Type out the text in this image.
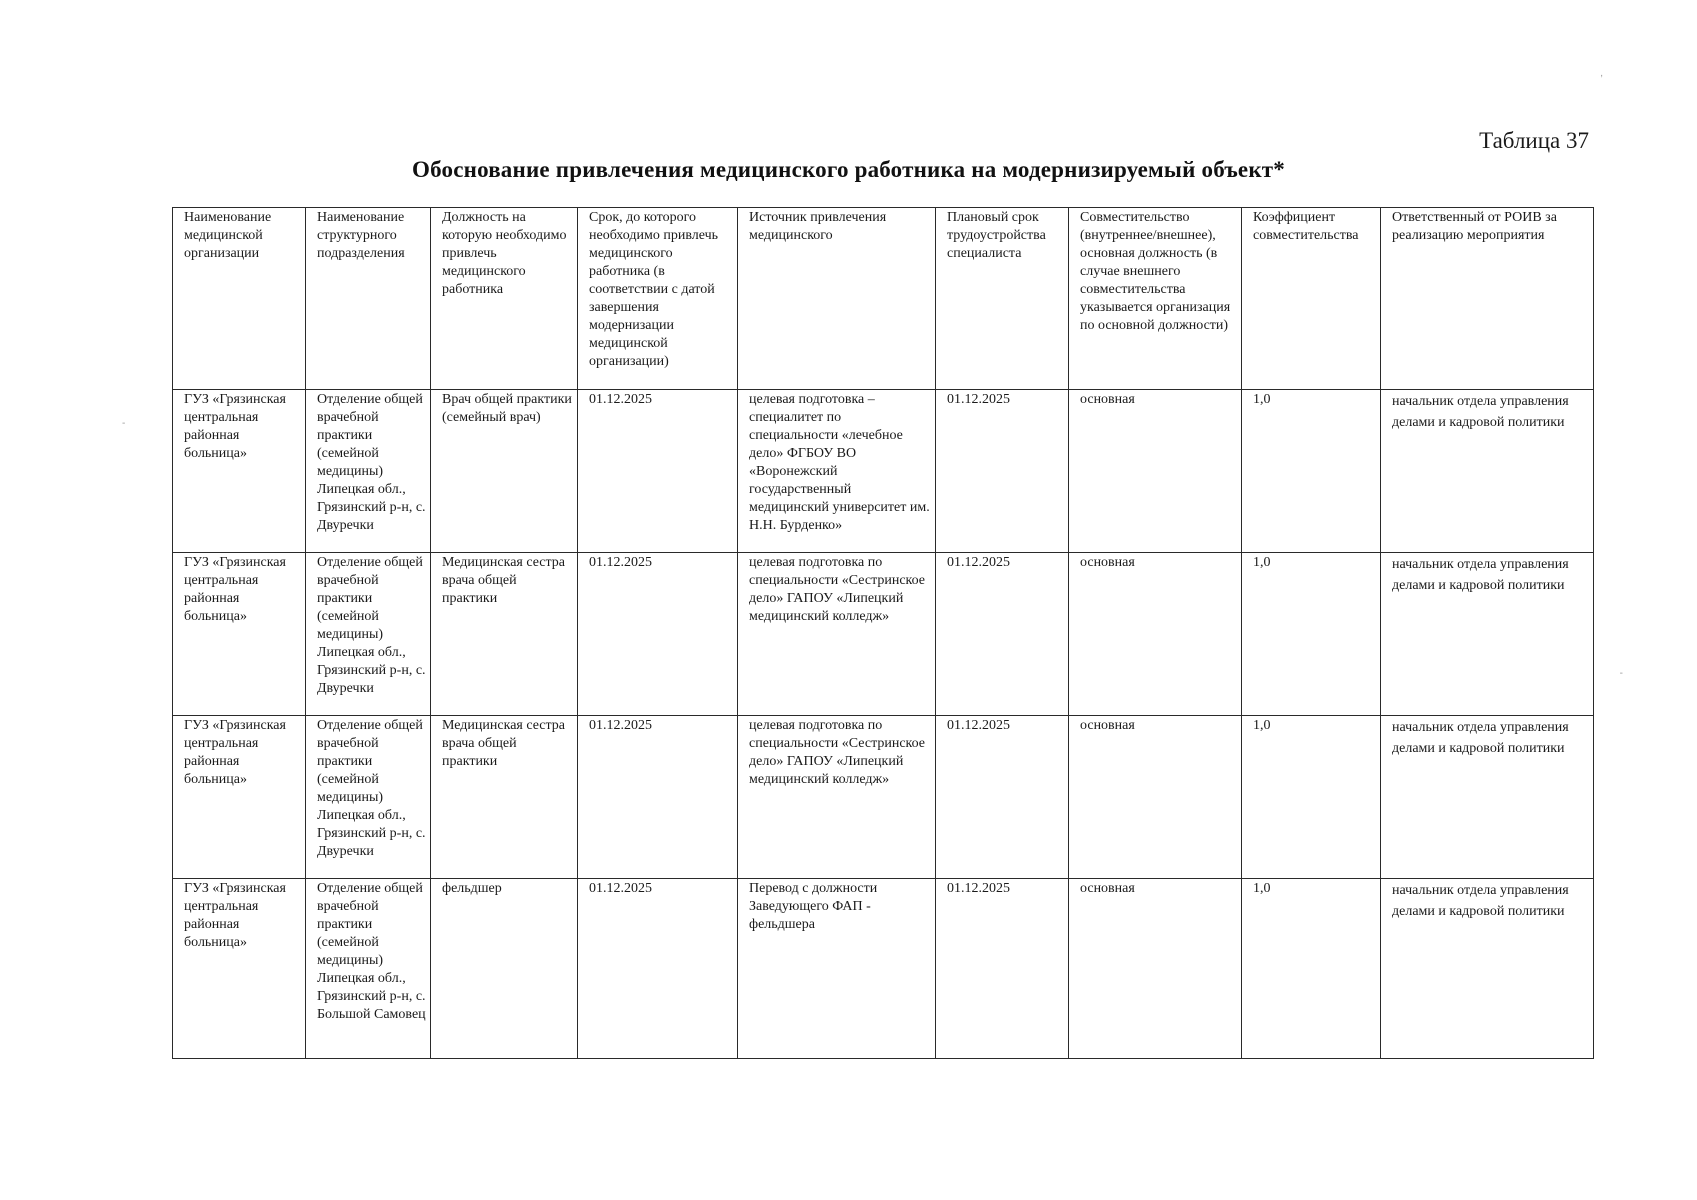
,
-
-
Таблица 37
Обоснование привлечения медицинского работника на модернизируемый объект*
Наименование медицинской организации	Наименование структурного подразделения	Должность на которую необходимо привлечь медицинского работника	Срок, до которого необходимо привлечь медицинского работника (в соответствии с датой завершения модернизации медицинской организации)	Источник привлечения медицинского	Плановый срок трудоустройства специалиста	Совместительство (внутреннее/внешнее), основная должность (в случае внешнего совместительства указывается организация по основной должности)	Коэффициент совместительства	Ответственный от РОИВ за реализацию мероприятия
ГУЗ «Грязинская центральная районная больница»	Отделение общей врачебной практики (семейной медицины) Липецкая обл., Грязинский р-н, с. Двуречки	Врач общей практики (семейный врач)	01.12.2025	целевая подготовка – специалитет по специальности «лечебное дело» ФГБОУ ВО «Воронежский государственный медицинский университет им. Н.Н. Бурденко»	01.12.2025	основная	1,0	начальник отдела управления делами и кадровой политики
ГУЗ «Грязинская центральная районная больница»	Отделение общей врачебной практики (семейной медицины) Липецкая обл., Грязинский р-н, с. Двуречки	Медицинская сестра врача общей практики	01.12.2025	целевая подготовка по специальности «Сестринское дело» ГАПОУ «Липецкий медицинский колледж»	01.12.2025	основная	1,0	начальник отдела управления делами и кадровой политики
ГУЗ «Грязинская центральная районная больница»	Отделение общей врачебной практики (семейной медицины) Липецкая обл., Грязинский р-н, с. Двуречки	Медицинская сестра врача общей практики	01.12.2025	целевая подготовка по специальности «Сестринское дело» ГАПОУ «Липецкий медицинский колледж»	01.12.2025	основная	1,0	начальник отдела управления делами и кадровой политики
ГУЗ «Грязинская центральная районная больница»	Отделение общей врачебной практики (семейной медицины) Липецкая обл., Грязинский р-н, с. Большой Самовец	фельдшер	01.12.2025	Перевод с должности Заведующего ФАП - фельдшера	01.12.2025	основная	1,0	начальник отдела управления делами и кадровой политики
